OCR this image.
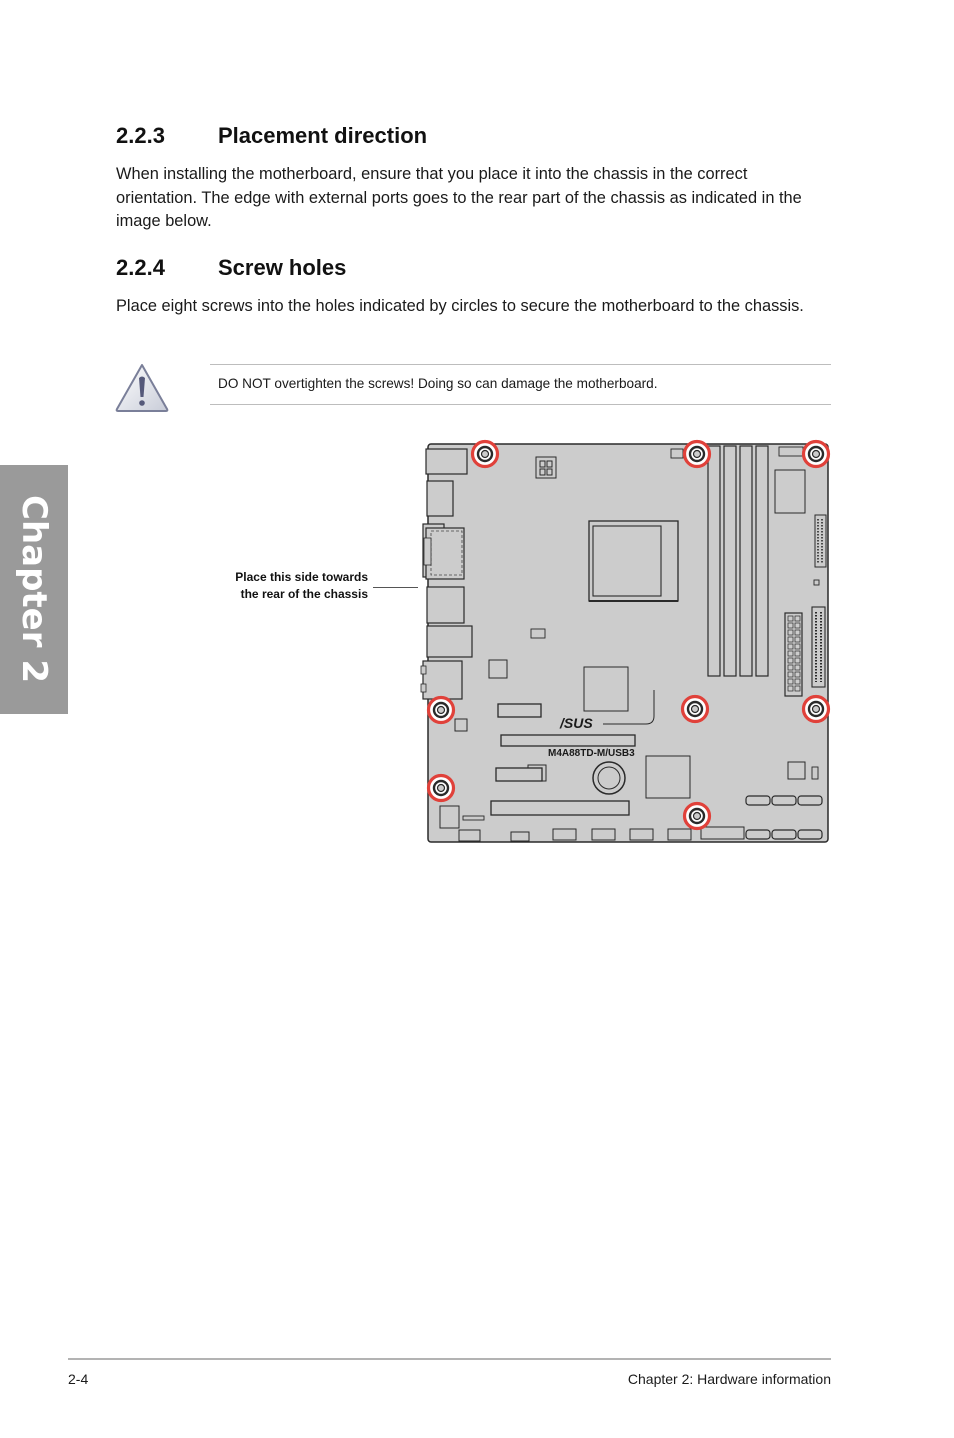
Chapter 2
2.2.3 Placement direction

When installing the motherboard, ensure that you place it into the chassis in the correct orientation. The edge with external ports goes to the rear part of the chassis as indicated in the image below.

2.2.4 Screw holes

Place eight screws into the holes indicated by circles to secure the motherboard to the chassis.

DO NOT overtighten the screws! Doing so can damage the motherboard.
Place this side towards
the rear of the chassis
/SUS
M4A88TD-M/USB3
2-4	Chapter 2: Hardware information
